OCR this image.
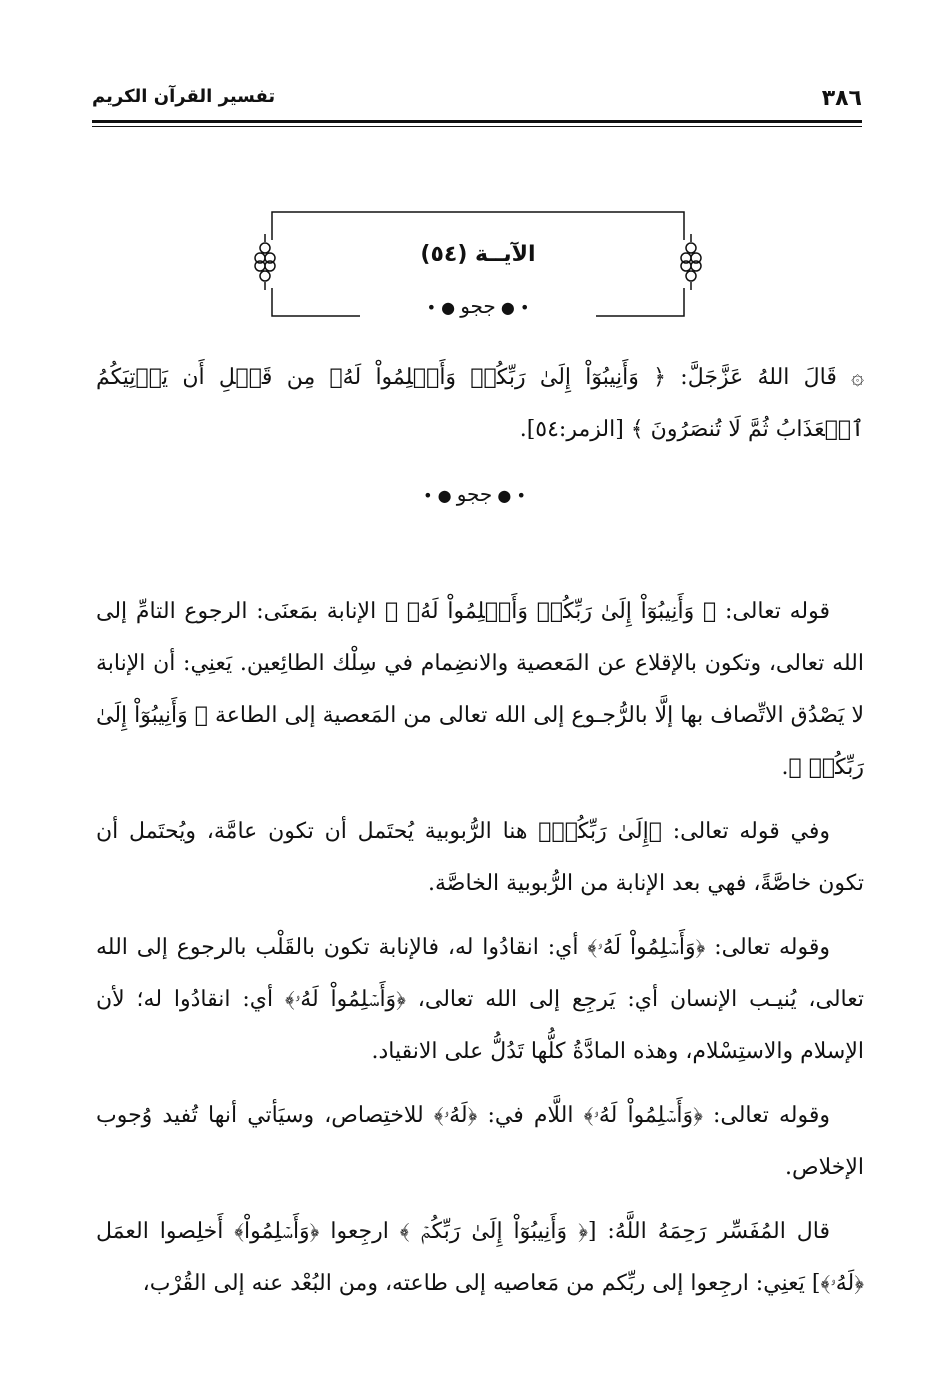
٣٨٦
تفسير القرآن الكريم
الآيــة (٥٤)
• ● ججو ● •
• ● ججو ● •

۞ قَالَ اللهُ عَزَّجَلَّ: ﴿ وَأَنِيبُوٓاْ إِلَىٰ رَبِّكُمۡ وَأَسۡلِمُواْ لَهُۥ مِن قَبۡلِ أَن يَأۡتِيَكُمُ ٱلۡعَذَابُ ثُمَّ لَا تُنصَرُونَ ﴾ [الزمر:٥٤].

قوله تعالى: ﴿ وَأَنِيبُوٓاْ إِلَىٰ رَبِّكُمۡ وَأَسۡلِمُواْ لَهُۥ ﴾ الإنابة بمَعنَى: الرجوع التامِّ إلى الله تعالى، وتكون بالإقلاع عن المَعصية والانضِمام في سِلْك الطائِعين. يَعنِي: أن الإنابة لا يَصْدُق الاتِّصاف بها إلَّا بالرُّجـوع إلى الله تعالى من المَعصية إلى الطاعة ﴿ وَأَنِيبُوٓاْ إِلَىٰ رَبِّكُمۡ ﴾.

وفي قوله تعالى: ﴿إِلَىٰ رَبِّكُمۡ﴾ هنا الرُّبوبية يُحتَمل أن تكون عامَّة، ويُحتَمل أن تكون خاصَّةً، فهي بعد الإنابة من الرُّبوبية الخاصَّة.

وقوله تعالى: ﴿وَأَسۡلِمُواْ لَهُۥ﴾ أي: انقادُوا له، فالإنابة تكون بالقَلْب بالرجوع إلى الله تعالى، يُنيـب الإنسان أي: يَرجِع إلى الله تعالى، ﴿وَأَسۡلِمُواْ لَهُۥ﴾ أي: انقادُوا له؛ لأن الإسلام والاستِسْلام، وهذه المادَّةُ كلُّها تَدُلُّ على الانقياد.

وقوله تعالى: ﴿وَأَسۡلِمُواْ لَهُۥ﴾ اللَّام في: ﴿لَهُۥ﴾ للاختِصاص، وسيَأتي أنها تُفيد وُجوب الإخلاص.

قال المُفَسِّر رَحِمَهُ اللَّهُ: [﴿ وَأَنِيبُوٓاْ إِلَىٰ رَبِّكُمۡ ﴾ ارجِعوا ﴿وَأَسۡلِمُواْ﴾ أَخلِصوا العمَل ﴿لَهُۥ﴾] يَعنِي: ارجِعوا إلى ربِّكم من مَعاصيه إلى طاعته، ومن البُعْد عنه إلى القُرْب،
